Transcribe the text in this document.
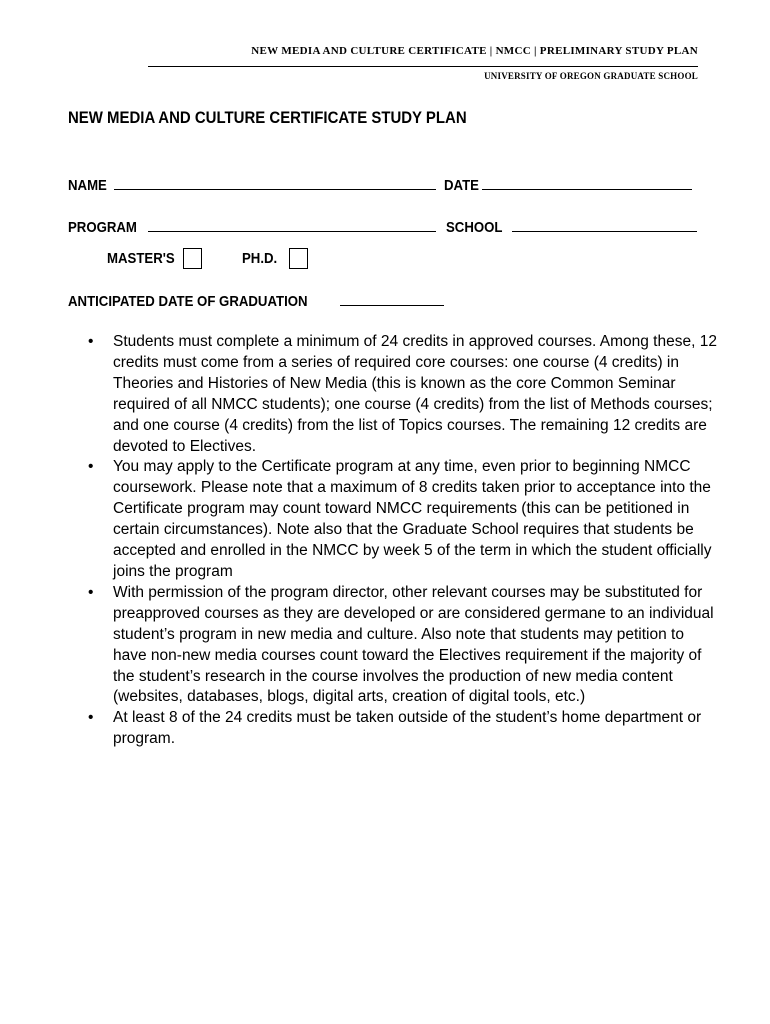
NEW MEDIA AND CULTURE CERTIFICATE | NMCC | PRELIMINARY STUDY PLAN
UNIVERSITY OF OREGON GRADUATE SCHOOL
NEW MEDIA AND CULTURE CERTIFICATE STUDY PLAN
NAME	DATE
PROGRAM	SCHOOL
MASTER'S	PH.D.
ANTICIPATED DATE OF GRADUATION
• Students must complete a minimum of 24 credits in approved courses. Among these, 12 credits must come from a series of required core courses: one course (4 credits) in Theories and Histories of New Media (this is known as the core Common Seminar required of all NMCC students); one course (4 credits) from the list of Methods courses; and one course (4 credits) from the list of Topics courses. The remaining 12 credits are devoted to Electives.
• You may apply to the Certificate program at any time, even prior to beginning NMCC coursework. Please note that a maximum of 8 credits taken prior to acceptance into the Certificate program may count toward NMCC requirements (this can be petitioned in certain circumstances). Note also that the Graduate School requires that students be accepted and enrolled in the NMCC by week 5 of the term in which the student officially joins the program
• With permission of the program director, other relevant courses may be substituted for preapproved courses as they are developed or are considered germane to an individual student’s program in new media and culture. Also note that students may petition to have non-new media courses count toward the Electives requirement if the majority of the student’s research in the course involves the production of new media content (websites, databases, blogs, digital arts, creation of digital tools, etc.)
• At least 8 of the 24 credits must be taken outside of the student’s home department or program.
